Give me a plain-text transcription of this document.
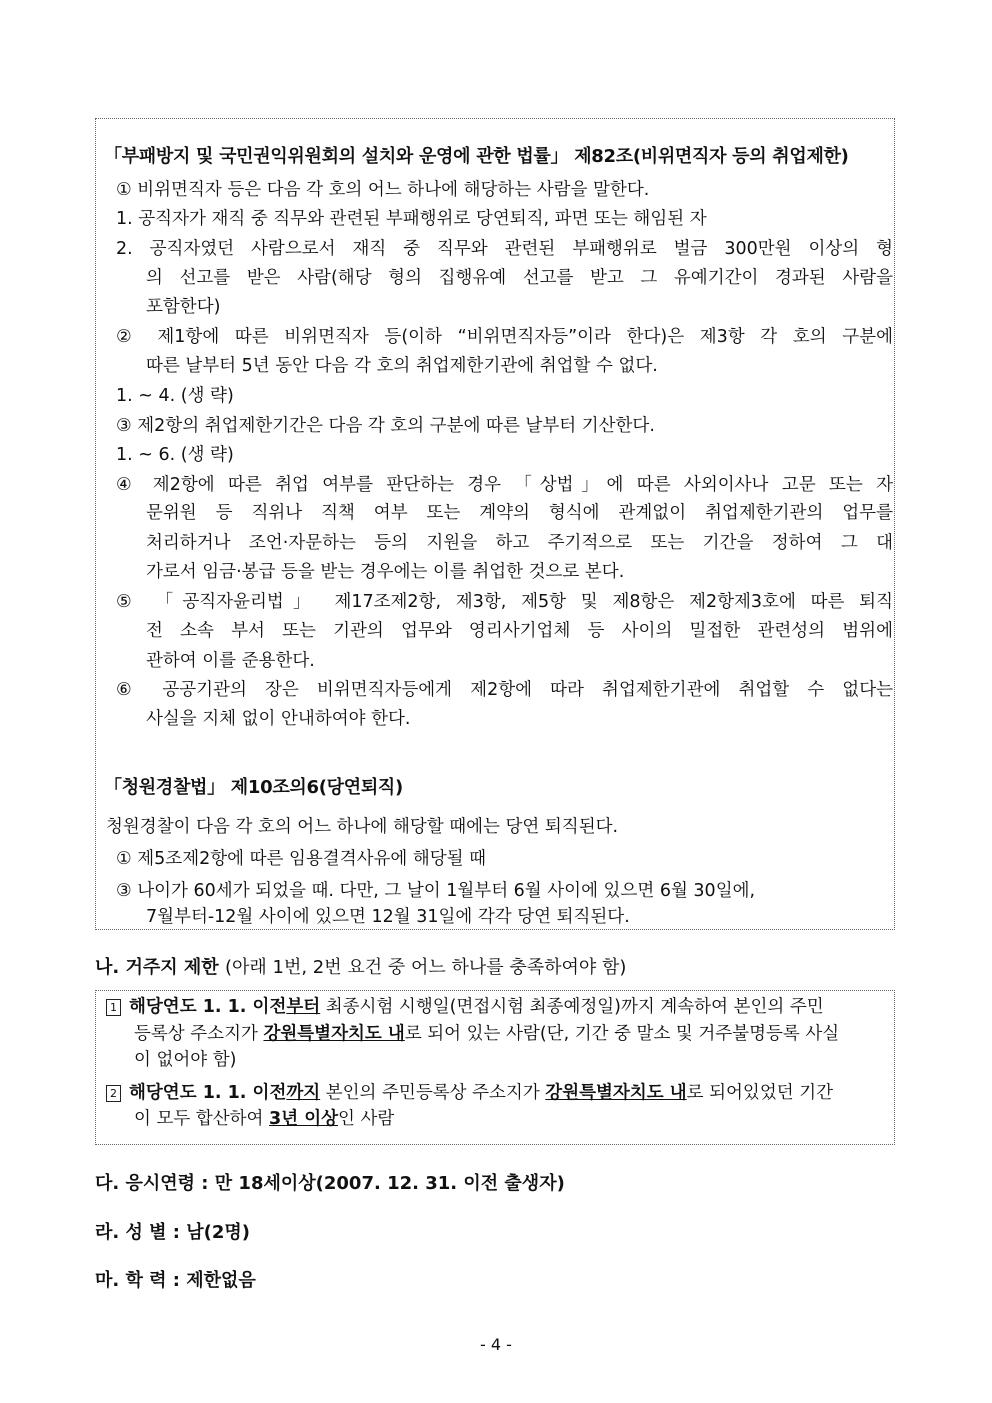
「부패방지 및 국민권익위원회의 설치와 운영에 관한 법률」 제82조(비위면직자 등의 취업제한)
① 비위면직자 등은 다음 각 호의 어느 하나에 해당하는 사람을 말한다.
1. 공직자가 재직 중 직무와 관련된 부패행위로 당연퇴직, 파면 또는 해임된 자
2. 공직자였던 사람으로서 재직 중 직무와 관련된 부패행위로 벌금 300만원 이상의 형
의 선고를 받은 사람(해당 형의 집행유예 선고를 받고 그 유예기간이 경과된 사람을
포함한다)
② 제1항에 따른 비위면직자 등(이하 “비위면직자등”이라 한다)은 제3항 각 호의 구분에
따른 날부터 5년 동안 다음 각 호의 취업제한기관에 취업할 수 없다.
1. ~ 4. (생 략)
③ 제2항의 취업제한기간은 다음 각 호의 구분에 따른 날부터 기산한다.
1. ~ 6. (생 략)
④ 제2항에 따른 취업 여부를 판단하는 경우 「상법」에 따른 사외이사나 고문 또는 자
문위원 등 직위나 직책 여부 또는 계약의 형식에 관계없이 취업제한기관의 업무를
처리하거나 조언·자문하는 등의 지원을 하고 주기적으로 또는 기간을 정하여 그 대
가로서 임금·봉급 등을 받는 경우에는 이를 취업한 것으로 본다.
⑤ 「공직자윤리법」 제17조제2항, 제3항, 제5항 및 제8항은 제2항제3호에 따른 퇴직
전 소속 부서 또는 기관의 업무와 영리사기업체 등 사이의 밀접한 관련성의 범위에
관하여 이를 준용한다.
⑥ 공공기관의 장은 비위면직자등에게 제2항에 따라 취업제한기관에 취업할 수 없다는
사실을 지체 없이 안내하여야 한다.
「청원경찰법」 제10조의6(당연퇴직)
청원경찰이 다음 각 호의 어느 하나에 해당할 때에는 당연 퇴직된다.
① 제5조제2항에 따른 임용결격사유에 해당될 때
③ 나이가 60세가 되었을 때. 다만, 그 날이 1월부터 6월 사이에 있으면 6월 30일에,
7월부터-12월 사이에 있으면 12월 31일에 각각 당연 퇴직된다.
나. 거주지 제한 (아래 1번, 2번 요건 중 어느 하나를 충족하여야 함)
1 해당연도 1. 1. 이전부터 최종시험 시행일(면접시험 최종예정일)까지 계속하여 본인의 주민
등록상 주소지가 강원특별자치도 내로 되어 있는 사람(단, 기간 중 말소 및 거주불명등록 사실
이 없어야 함)
2 해당연도 1. 1. 이전까지 본인의 주민등록상 주소지가 강원특별자치도 내로 되어있었던 기간
이 모두 합산하여 3년 이상인 사람
다. 응시연령 : 만 18세이상(2007. 12. 31. 이전 출생자)
라. 성 별 : 남(2명)
마. 학 력 : 제한없음
- 4 -
